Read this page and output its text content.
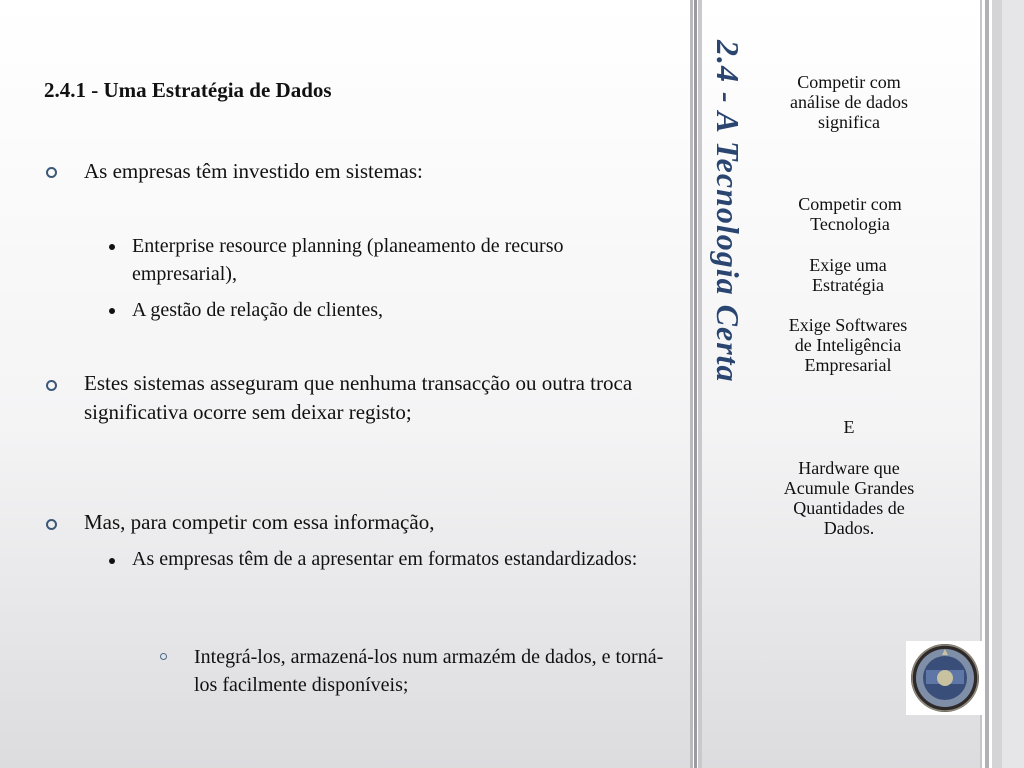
2.4.1 - Uma Estratégia de Dados
As empresas têm investido em sistemas:
Enterprise resource planning (planeamento de recurso empresarial),
A gestão de relação de clientes,
Estes sistemas asseguram que nenhuma transacção ou outra troca significativa ocorre sem deixar registo;
Mas, para competir com essa informação,
As empresas têm de a apresentar em formatos estandardizados:
Integrá-los, armazená-los num armazém de dados, e torná-los facilmente disponíveis;
2.4 - A Tecnologia Certa	Competir com análise de dados significa
Competir com Tecnologia
Exige uma Estratégia
Exige Softwares de Inteligência Empresarial
E
Hardware que Acumule Grandes Quantidades de Dados.
